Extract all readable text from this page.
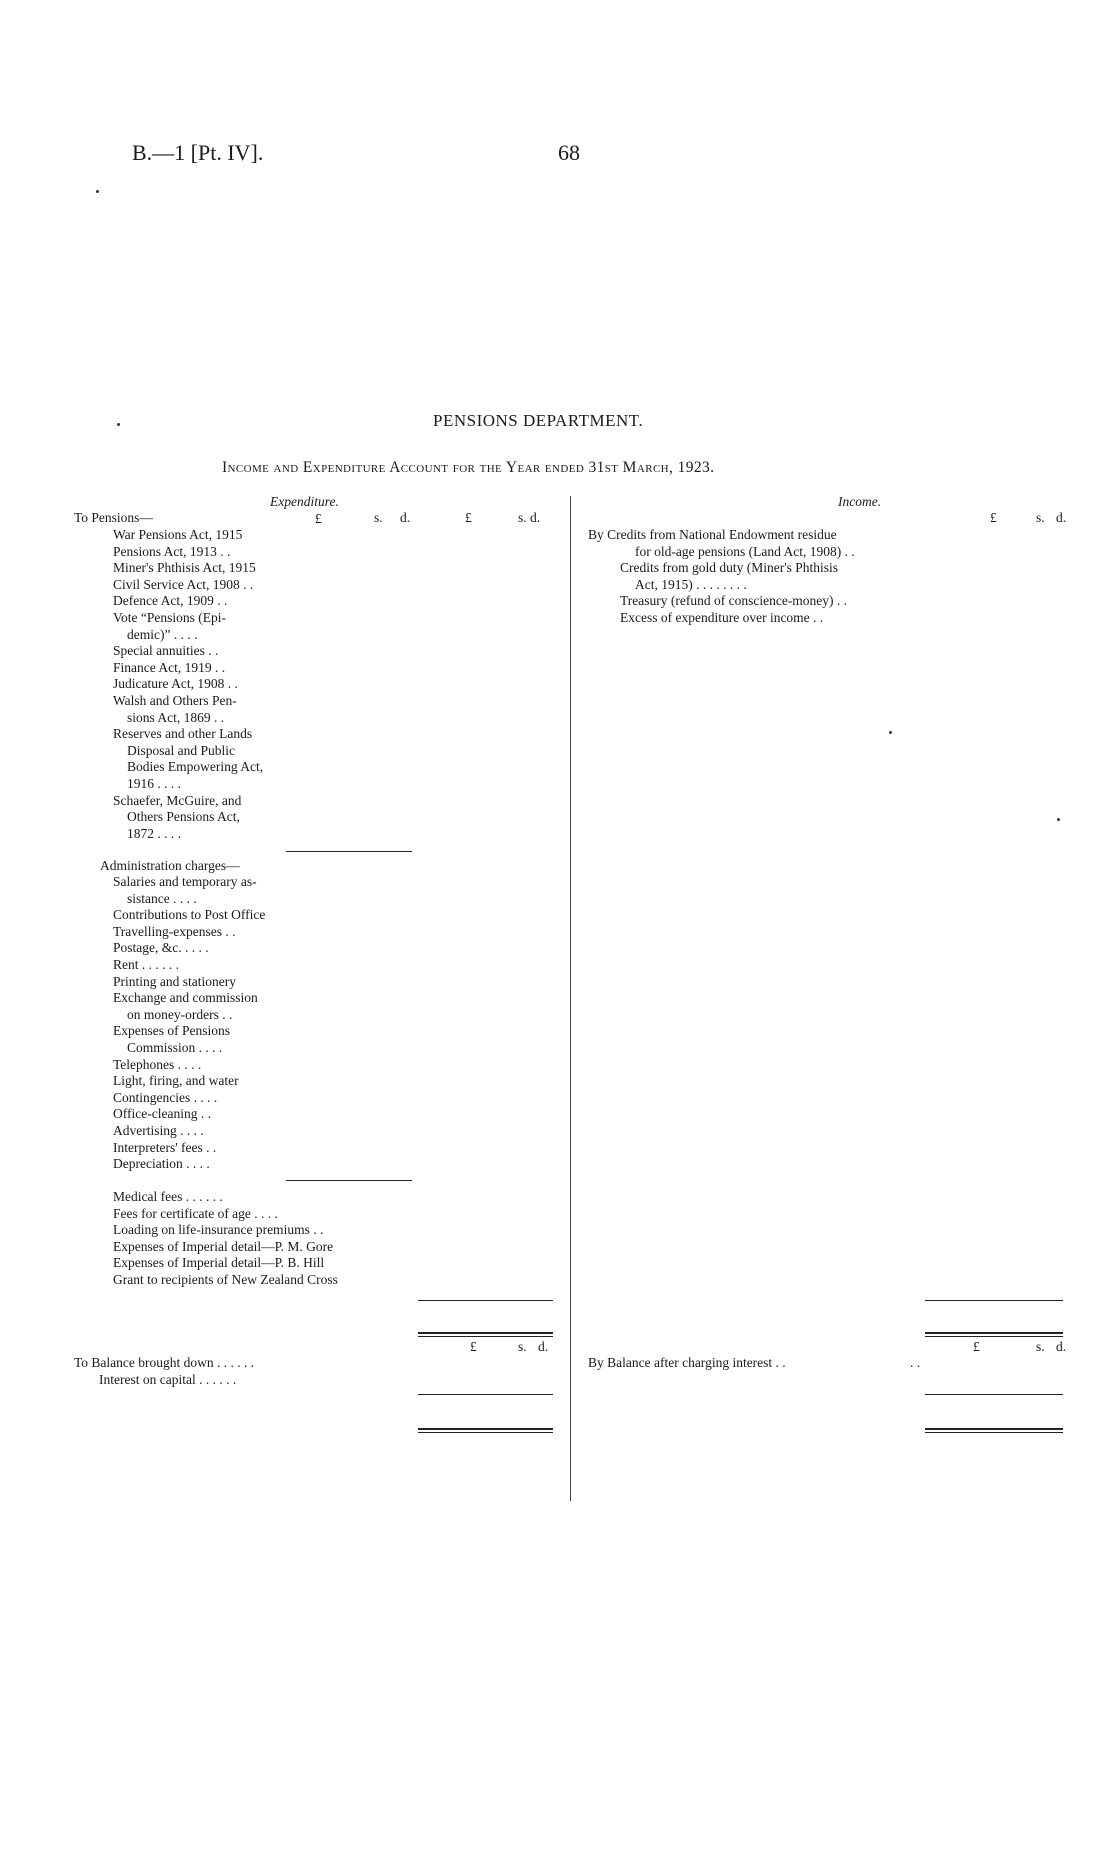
B.—1 [Pt. IV].	68
PENSIONS DEPARTMENT.
Income and Expenditure Account for the Year ended 31st March, 1923.
Expenditure.
£	s. d.	£	s. d.
To Pensions—
War Pensions Act, 1915
Pensions Act, 1913 . .
Miner's Phthisis Act, 1915
Civil Service Act, 1908 . .
Defence Act, 1909 . .
Vote “Pensions (Epi-
demic)” . . . .
Special annuities . .
Finance Act, 1919 . .
Judicature Act, 1908 . .
Walsh and Others Pen-
sions Act, 1869 . .
Reserves and other Lands
Disposal and Public
Bodies Empowering Act,
1916 . . . .
Schaefer, McGuire, and
Others Pensions Act,
1872 . . . .
Administration charges—
Salaries and temporary as-
sistance . . . .
Contributions to Post Office
Travelling-expenses . .
Postage, &c. . . . .
Rent . . . . . .
Printing and stationery
Exchange and commission
on money-orders . .
Expenses of Pensions
Commission . . . .
Telephones . . . .
Light, firing, and water
Contingencies . . . .
Office-cleaning . .
Advertising . . . .
Interpreters' fees . .
Depreciation . . . .
Medical fees . . . . . .
Fees for certificate of age . . . .
Loading on life-insurance premiums . .
Expenses of Imperial detail—P. M. Gore
Expenses of Imperial detail—P. B. Hill
Grant to recipients of New Zealand Cross
£	s. d.
To Balance brought down . . . . . .
Interest on capital . . . . . .
Income.
£	s. d.
By Credits from National Endowment residue
for old-age pensions (Land Act, 1908) . .
Credits from gold duty (Miner's Phthisis
Act, 1915) . . . . . . . .
Treasury (refund of conscience-money) . .
Excess of expenditure over income . .
£	s. d.
By Balance after charging interest . .	. .
